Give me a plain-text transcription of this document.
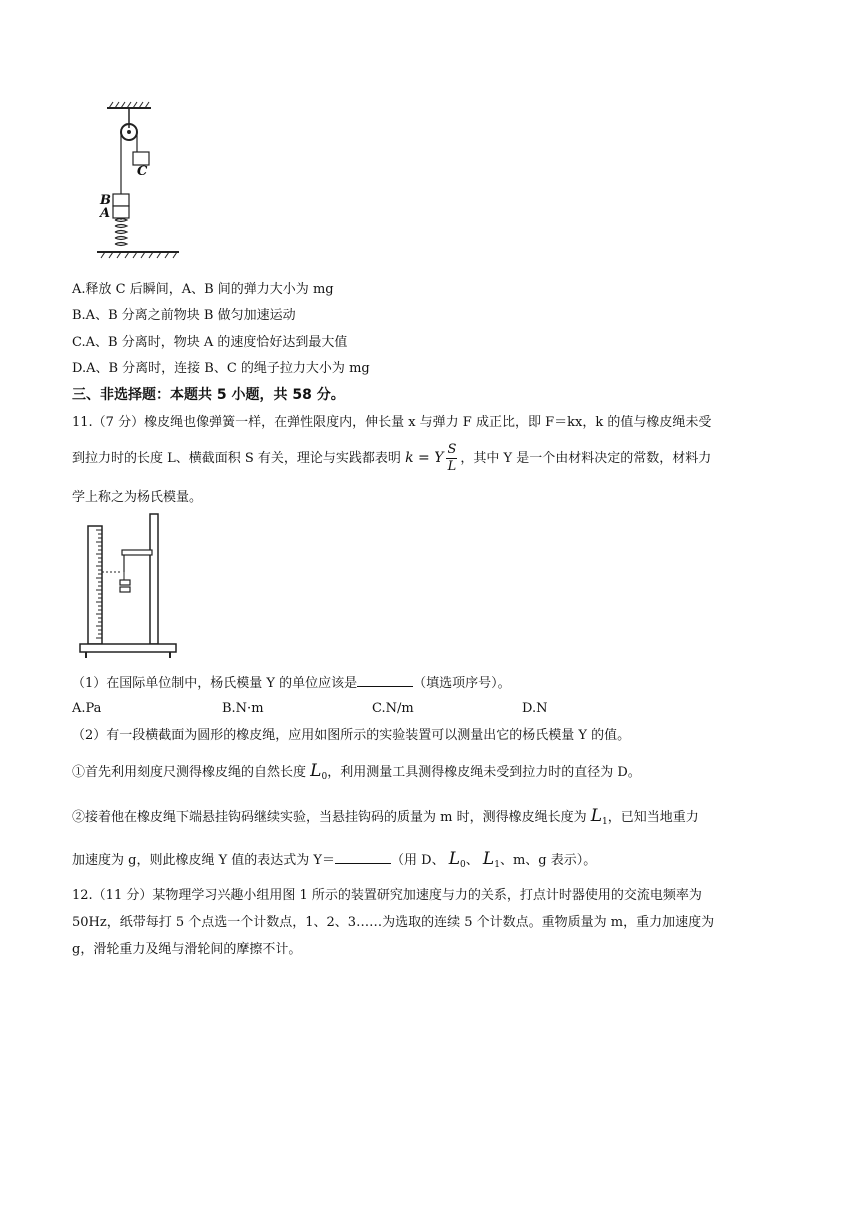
C
B
A
A.释放 C 后瞬间，A、B 间的弹力大小为 mg
B.A、B 分离之前物块 B 做匀加速运动
C.A、B 分离时，物块 A 的速度恰好达到最大值
D.A、B 分离时，连接 B、C 的绳子拉力大小为 mg
三、非选择题：本题共 5 小题，共 58 分。
11.（7 分）橡皮绳也像弹簧一样，在弹性限度内，伸长量 x 与弹力 F 成正比，即 F＝kx，k 的值与橡皮绳未受
到拉力时的长度 L、横截面积 S 有关，理论与实践都表明 k = Y $\frac{S}{L}$ ，其中 Y 是一个由材料决定的常数，材料力
学上称之为杨氏模量。
（1）在国际单位制中，杨氏模量 Y 的单位应该是	（填选项序号）。
A.Pa	B.N·m	C.N/m	D.N
（2）有一段横截面为圆形的橡皮绳，应用如图所示的实验装置可以测量出它的杨氏模量 Y 的值。
①首先利用刻度尺测得橡皮绳的自然长度 $L_0$，利用测量工具测得橡皮绳未受到拉力时的直径为 D。
②接着他在橡皮绳下端悬挂钩码继续实验，当悬挂钩码的质量为 m 时，测得橡皮绳长度为 $L_1$，已知当地重力
加速度为 g，则此橡皮绳 Y 值的表达式为 Y＝	（用 D、 $L_0$、 $L_1$、m、g 表示）。
12.（11 分）某物理学习兴趣小组用图 1 所示的装置研究加速度与力的关系，打点计时器使用的交流电频率为
50Hz，纸带每打 5 个点选一个计数点，1、2、3……为选取的连续 5 个计数点。重物质量为 m，重力加速度为
g，滑轮重力及绳与滑轮间的摩擦不计。
